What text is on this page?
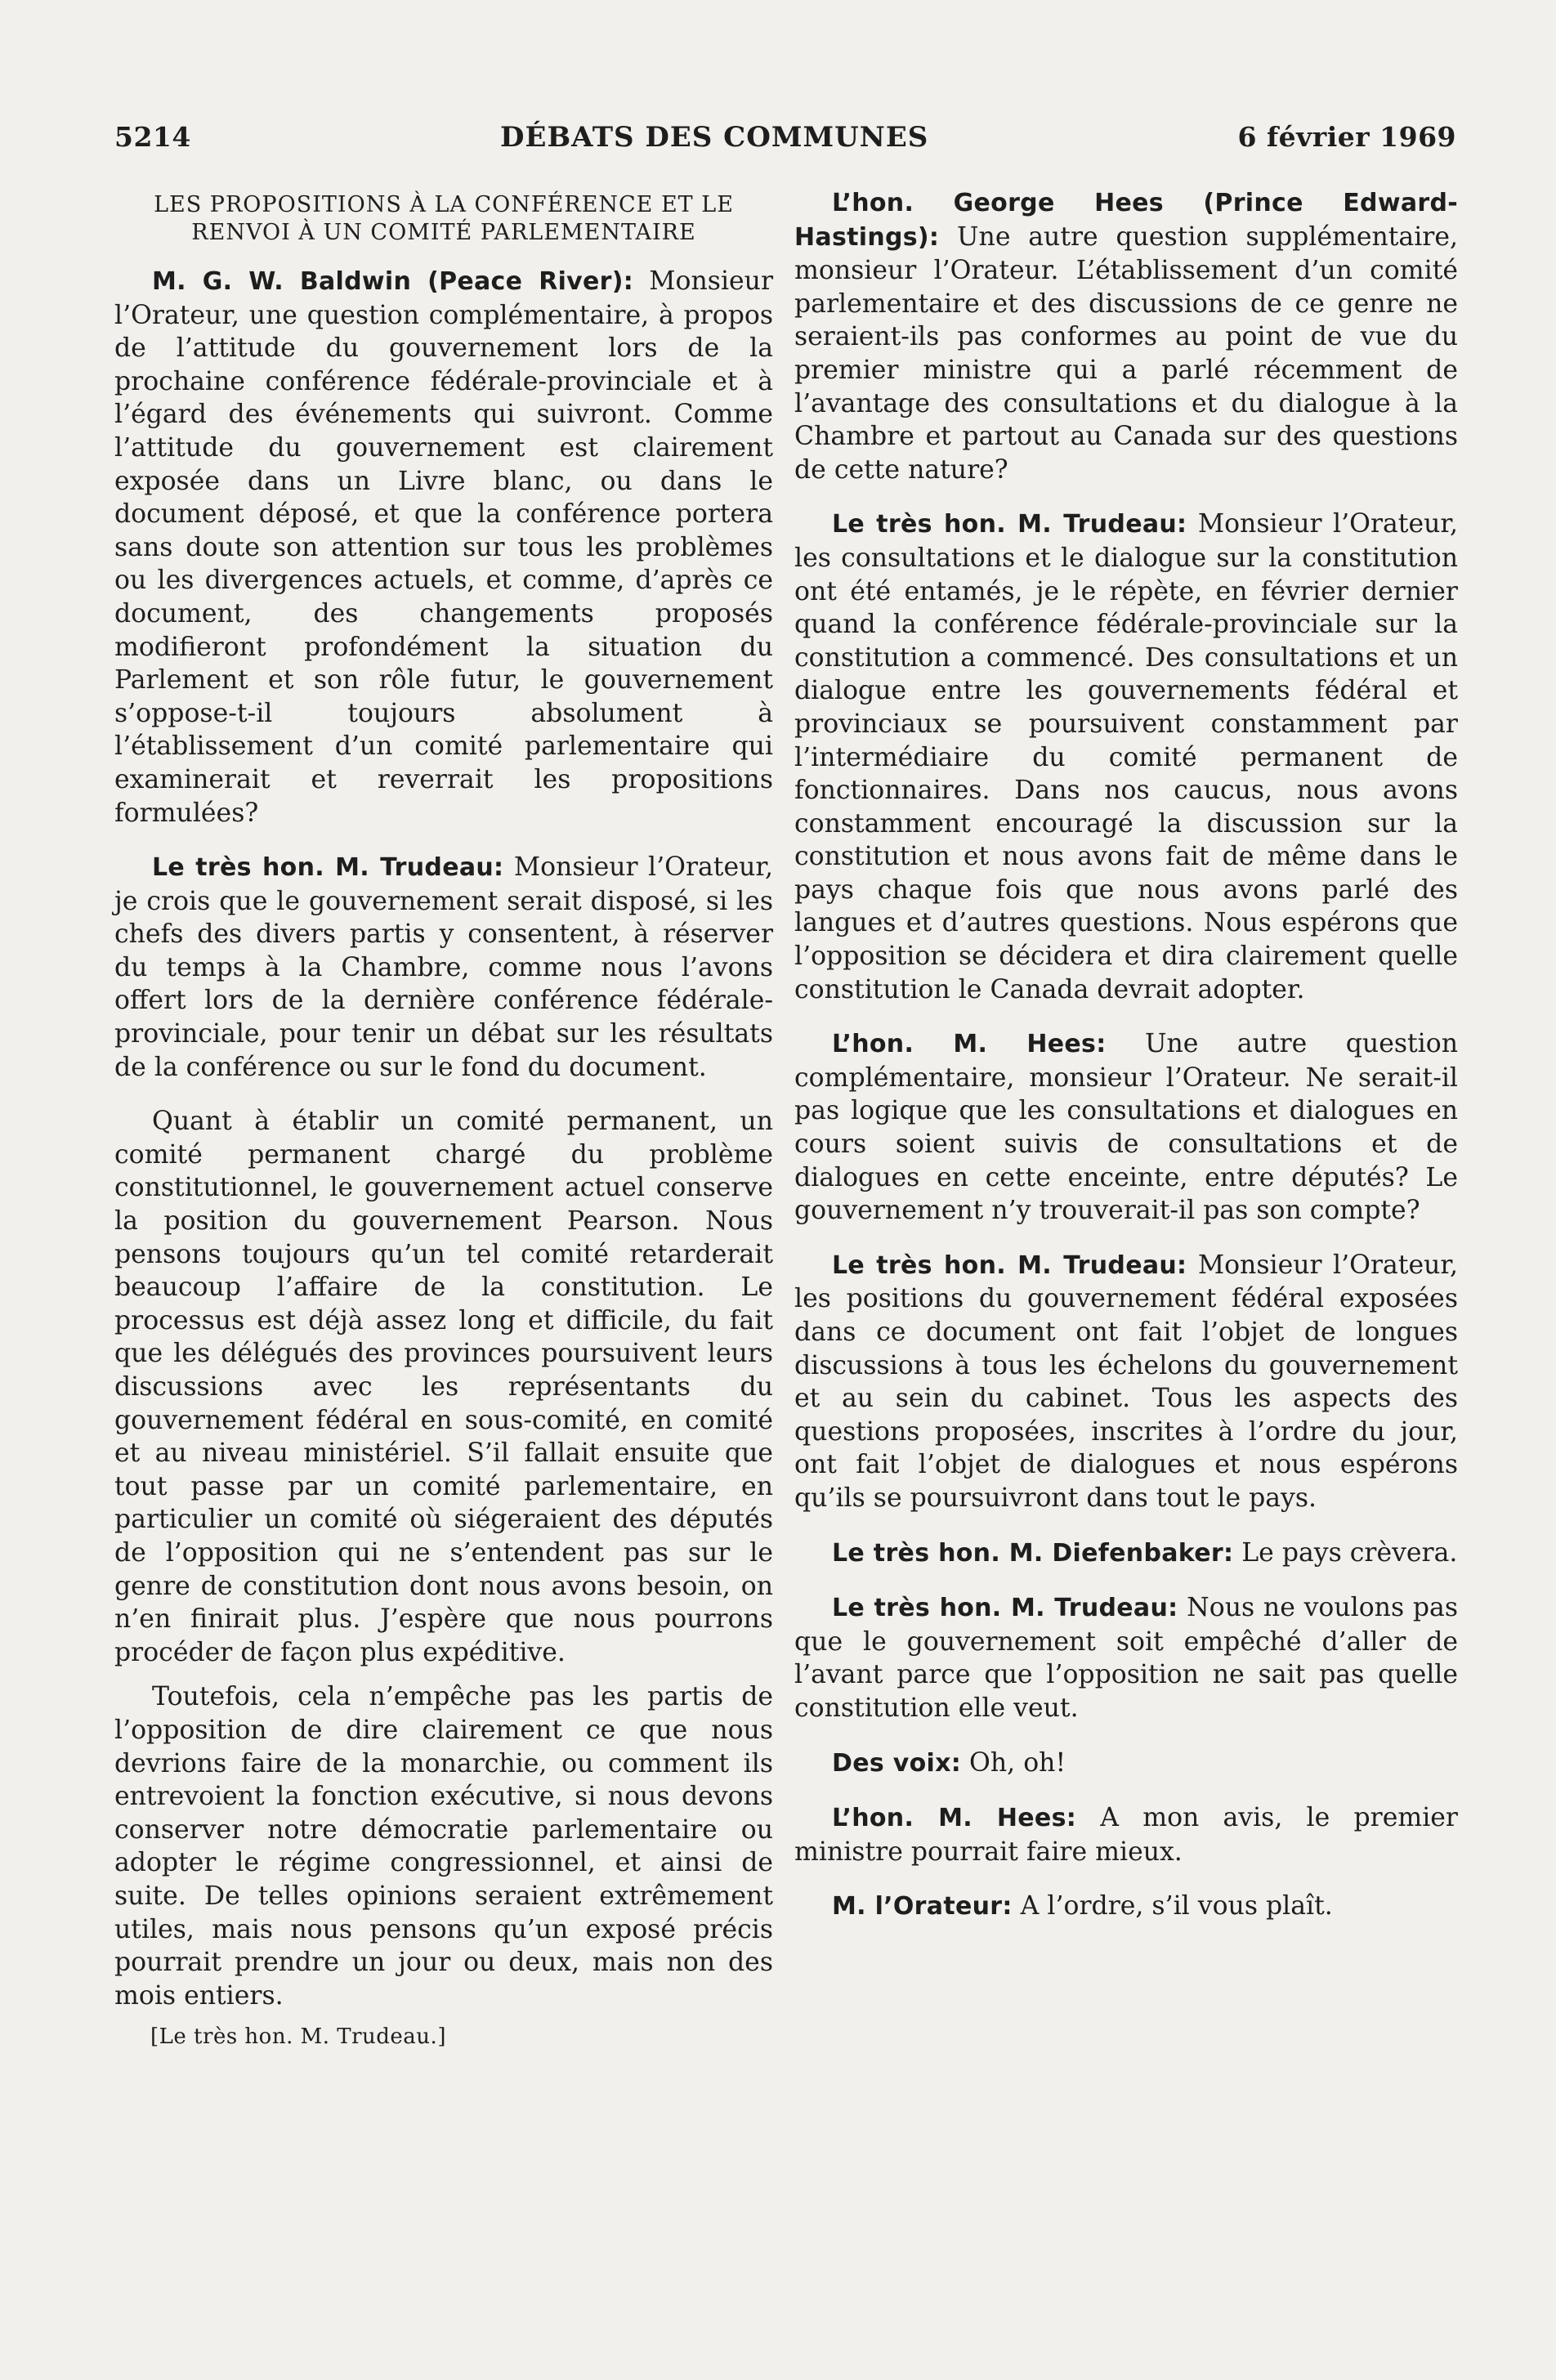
5214	DÉBATS DES COMMUNES	6 février 1969

LES PROPOSITIONS À LA CONFÉRENCE ET LE RENVOI À UN COMITÉ PARLEMENTAIRE

M. G. W. Baldwin (Peace River): Monsieur l’Orateur, une question complémentaire, à propos de l’attitude du gouvernement lors de la prochaine conférence fédérale-provinciale et à l’égard des événements qui suivront. Comme l’attitude du gouvernement est clairement exposée dans un Livre blanc, ou dans le document déposé, et que la conférence portera sans doute son attention sur tous les problèmes ou les divergences actuels, et comme, d’après ce document, des changements proposés modifieront profondément la situation du Parlement et son rôle futur, le gouvernement s’oppose-t-il toujours absolument à l’établissement d’un comité parlementaire qui examinerait et reverrait les propositions formulées?

Le très hon. M. Trudeau: Monsieur l’Orateur, je crois que le gouvernement serait disposé, si les chefs des divers partis y consentent, à réserver du temps à la Chambre, comme nous l’avons offert lors de la dernière conférence fédérale-provinciale, pour tenir un débat sur les résultats de la conférence ou sur le fond du document.

Quant à établir un comité permanent, un comité permanent chargé du problème constitutionnel, le gouvernement actuel conserve la position du gouvernement Pearson. Nous pensons toujours qu’un tel comité retarderait beaucoup l’affaire de la constitution. Le processus est déjà assez long et difficile, du fait que les délégués des provinces poursuivent leurs discussions avec les représentants du gouvernement fédéral en sous-comité, en comité et au niveau ministériel. S’il fallait ensuite que tout passe par un comité parlementaire, en particulier un comité où siégeraient des députés de l’opposition qui ne s’entendent pas sur le genre de constitution dont nous avons besoin, on n’en finirait plus. J’espère que nous pourrons procéder de façon plus expéditive.

Toutefois, cela n’empêche pas les partis de l’opposition de dire clairement ce que nous devrions faire de la monarchie, ou comment ils entrevoient la fonction exécutive, si nous devons conserver notre démocratie parlementaire ou adopter le régime congressionnel, et ainsi de suite. De telles opinions seraient extrêmement utiles, mais nous pensons qu’un exposé précis pourrait prendre un jour ou deux, mais non des mois entiers.

[Le très hon. M. Trudeau.]

L’hon. George Hees (Prince Edward-Hastings): Une autre question supplémentaire, monsieur l’Orateur. L’établissement d’un comité parlementaire et des discussions de ce genre ne seraient-ils pas conformes au point de vue du premier ministre qui a parlé récemment de l’avantage des consultations et du dialogue à la Chambre et partout au Canada sur des questions de cette nature?

Le très hon. M. Trudeau: Monsieur l’Orateur, les consultations et le dialogue sur la constitution ont été entamés, je le répète, en février dernier quand la conférence fédérale-provinciale sur la constitution a commencé. Des consultations et un dialogue entre les gouvernements fédéral et provinciaux se poursuivent constamment par l’intermédiaire du comité permanent de fonctionnaires. Dans nos caucus, nous avons constamment encouragé la discussion sur la constitution et nous avons fait de même dans le pays chaque fois que nous avons parlé des langues et d’autres questions. Nous espérons que l’opposition se décidera et dira clairement quelle constitution le Canada devrait adopter.

L’hon. M. Hees: Une autre question complémentaire, monsieur l’Orateur. Ne serait-il pas logique que les consultations et dialogues en cours soient suivis de consultations et de dialogues en cette enceinte, entre députés? Le gouvernement n’y trouverait-il pas son compte?

Le très hon. M. Trudeau: Monsieur l’Orateur, les positions du gouvernement fédéral exposées dans ce document ont fait l’objet de longues discussions à tous les échelons du gouvernement et au sein du cabinet. Tous les aspects des questions proposées, inscrites à l’ordre du jour, ont fait l’objet de dialogues et nous espérons qu’ils se poursuivront dans tout le pays.

Le très hon. M. Diefenbaker: Le pays crèvera.

Le très hon. M. Trudeau: Nous ne voulons pas que le gouvernement soit empêché d’aller de l’avant parce que l’opposition ne sait pas quelle constitution elle veut.

Des voix: Oh, oh!

L’hon. M. Hees: A mon avis, le premier ministre pourrait faire mieux.

M. l’Orateur: A l’ordre, s’il vous plaît.
